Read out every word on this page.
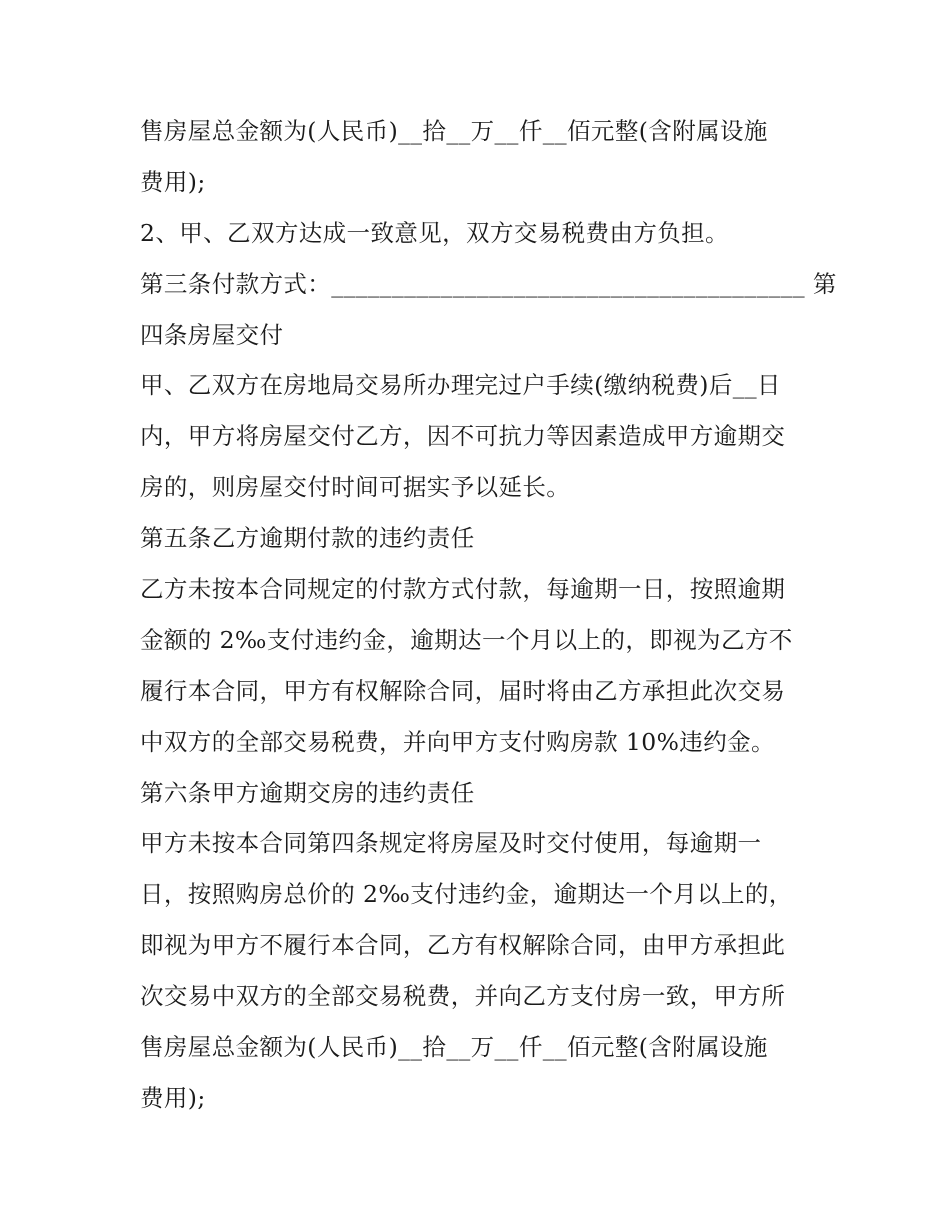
售房屋总金额为(人民币)__拾__万__仟__佰元整(含附属设施
费用);
2、甲、乙双方达成一致意见，双方交易税费由方负担。
第三条付款方式：_______________________________________ 第
四条房屋交付
甲、乙双方在房地局交易所办理完过户手续(缴纳税费)后__日
内，甲方将房屋交付乙方，因不可抗力等因素造成甲方逾期交
房的，则房屋交付时间可据实予以延长。
第五条乙方逾期付款的违约责任
乙方未按本合同规定的付款方式付款，每逾期一日，按照逾期
金额的 2‰支付违约金，逾期达一个月以上的，即视为乙方不
履行本合同，甲方有权解除合同，届时将由乙方承担此次交易
中双方的全部交易税费，并向甲方支付购房款 10%违约金。
第六条甲方逾期交房的违约责任
甲方未按本合同第四条规定将房屋及时交付使用，每逾期一
日，按照购房总价的 2‰支付违约金，逾期达一个月以上的，
即视为甲方不履行本合同，乙方有权解除合同，由甲方承担此
次交易中双方的全部交易税费，并向乙方支付房一致，甲方所
售房屋总金额为(人民币)__拾__万__仟__佰元整(含附属设施
费用);
